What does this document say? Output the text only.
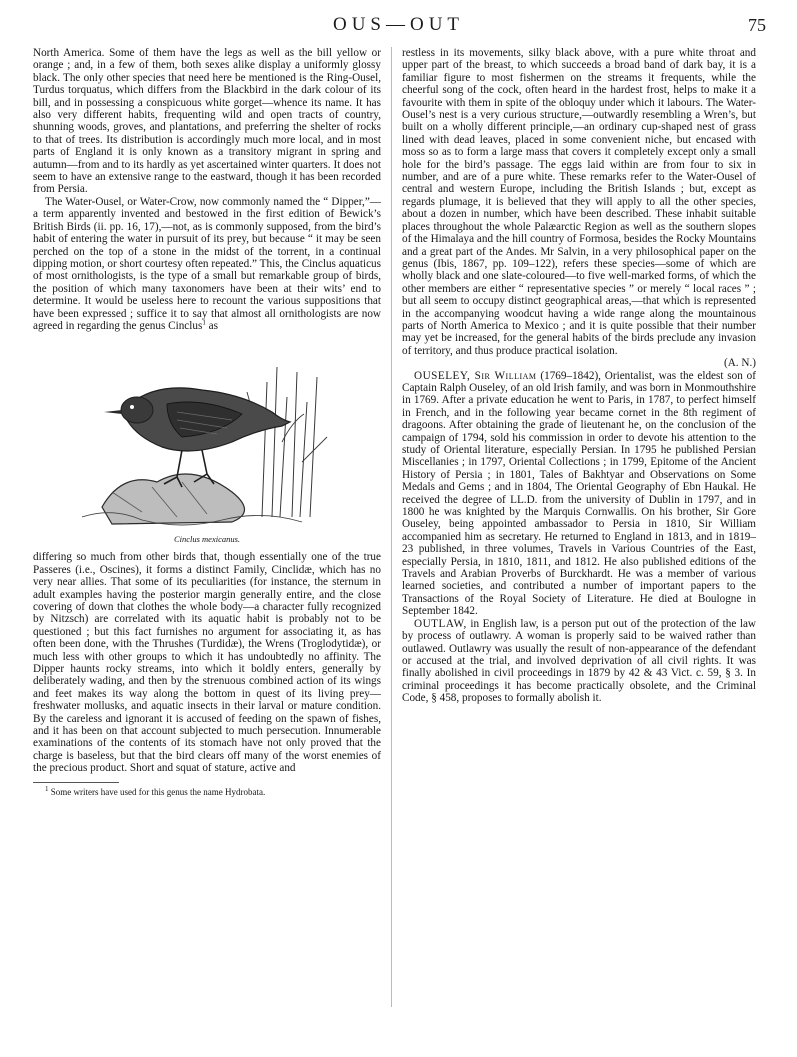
OUS—OUT	75

North America. Some of them have the legs as well as the bill yellow or orange ; and, in a few of them, both sexes alike display a uniformly glossy black. The only other species that need here be mentioned is the Ring-Ousel, Turdus torquatus, which differs from the Blackbird in the dark colour of its bill, and in possessing a conspicuous white gorget—whence its name. It has also very different habits, frequenting wild and open tracts of country, shunning woods, groves, and plantations, and preferring the shelter of rocks to that of trees. Its distribution is accordingly much more local, and in most parts of England it is only known as a transitory migrant in spring and autumn—from and to its hardly as yet ascertained winter quarters. It does not seem to have an extensive range to the eastward, though it has been recorded from Persia.

The Water-Ousel, or Water-Crow, now commonly named the “ Dipper,”—a term apparently invented and bestowed in the first edition of Bewick’s British Birds (ii. pp. 16, 17),—not, as is commonly supposed, from the bird’s habit of entering the water in pursuit of its prey, but because “ it may be seen perched on the top of a stone in the midst of the torrent, in a continual dipping motion, or short courtesy often repeated.” This, the Cinclus aquaticus of most ornithologists, is the type of a small but remarkable group of birds, the position of which many taxonomers have been at their wits’ end to determine. It would be useless here to recount the various suppositions that have been expressed ; suffice it to say that almost all ornithologists are now agreed in regarding the genus Cinclus$^1$ as

Cinclus mexicanus.

differing so much from other birds that, though essentially one of the true Passeres (i.e., Oscines), it forms a distinct Family, Cinclidæ, which has no very near allies. That some of its peculiarities (for instance, the sternum in adult examples having the posterior margin generally entire, and the close covering of down that clothes the whole body—a character fully recognized by Nitzsch) are correlated with its aquatic habit is probably not to be questioned ; but this fact furnishes no argument for associating it, as has often been done, with the Thrushes (Turdidæ), the Wrens (Troglodytidæ), or much less with other groups to which it has undoubtedly no affinity. The Dipper haunts rocky streams, into which it boldly enters, generally by deliberately wading, and then by the strenuous combined action of its wings and feet makes its way along the bottom in quest of its living prey—freshwater mollusks, and aquatic insects in their larval or mature condition. By the careless and ignorant it is accused of feeding on the spawn of fishes, and it has been on that account subjected to much persecution. Innumerable examinations of the contents of its stomach have not only proved that the charge is baseless, but that the bird clears off many of the worst enemies of the precious product. Short and squat of stature, active and

$^1$ Some writers have used for this genus the name Hydrobata.

restless in its movements, silky black above, with a pure white throat and upper part of the breast, to which succeeds a broad band of dark bay, it is a familiar figure to most fishermen on the streams it frequents, while the cheerful song of the cock, often heard in the hardest frost, helps to make it a favourite with them in spite of the obloquy under which it labours. The Water-Ousel’s nest is a very curious structure,—outwardly resembling a Wren’s, but built on a wholly different principle,—an ordinary cup-shaped nest of grass lined with dead leaves, placed in some convenient niche, but encased with moss so as to form a large mass that covers it completely except only a small hole for the bird’s passage. The eggs laid within are from four to six in number, and are of a pure white. These remarks refer to the Water-Ousel of central and western Europe, including the British Islands ; but, except as regards plumage, it is believed that they will apply to all the other species, about a dozen in number, which have been described. These inhabit suitable places throughout the whole Palæarctic Region as well as the southern slopes of the Himalaya and the hill country of Formosa, besides the Rocky Mountains and a great part of the Andes. Mr Salvin, in a very philosophical paper on the genus (Ibis, 1867, pp. 109–122), refers these species—some of which are wholly black and one slate-coloured—to five well-marked forms, of which the other members are either “ representative species ” or merely “ local races ” ; but all seem to occupy distinct geographical areas,—that which is represented in the accompanying woodcut having a wide range along the mountainous parts of North America to Mexico ; and it is quite possible that their number may yet be increased, for the general habits of the birds preclude any invasion of territory, and thus produce practical isolation.

(A. N.)

OUSELEY, Sir William (1769–1842), Orientalist, was the eldest son of Captain Ralph Ouseley, of an old Irish family, and was born in Monmouthshire in 1769. After a private education he went to Paris, in 1787, to perfect himself in French, and in the following year became cornet in the 8th regiment of dragoons. After obtaining the grade of lieutenant he, on the conclusion of the campaign of 1794, sold his commission in order to devote his attention to the study of Oriental literature, especially Persian. In 1795 he published Persian Miscellanies ; in 1797, Oriental Collections ; in 1799, Epitome of the Ancient History of Persia ; in 1801, Tales of Bakhtyar and Observations on Some Medals and Gems ; and in 1804, The Oriental Geography of Ebn Haukal. He received the degree of LL.D. from the university of Dublin in 1797, and in 1800 he was knighted by the Marquis Cornwallis. On his brother, Sir Gore Ouseley, being appointed ambassador to Persia in 1810, Sir William accompanied him as secretary. He returned to England in 1813, and in 1819–23 published, in three volumes, Travels in Various Countries of the East, especially Persia, in 1810, 1811, and 1812. He also published editions of the Travels and Arabian Proverbs of Burckhardt. He was a member of various learned societies, and contributed a number of important papers to the Transactions of the Royal Society of Literature. He died at Boulogne in September 1842.

OUTLAW, in English law, is a person put out of the protection of the law by process of outlawry. A woman is properly said to be waived rather than outlawed. Outlawry was usually the result of non-appearance of the defendant or accused at the trial, and involved deprivation of all civil rights. It was finally abolished in civil proceedings in 1879 by 42 & 43 Vict. c. 59, § 3. In criminal proceedings it has become practically obsolete, and the Criminal Code, § 458, proposes to formally abolish it.
